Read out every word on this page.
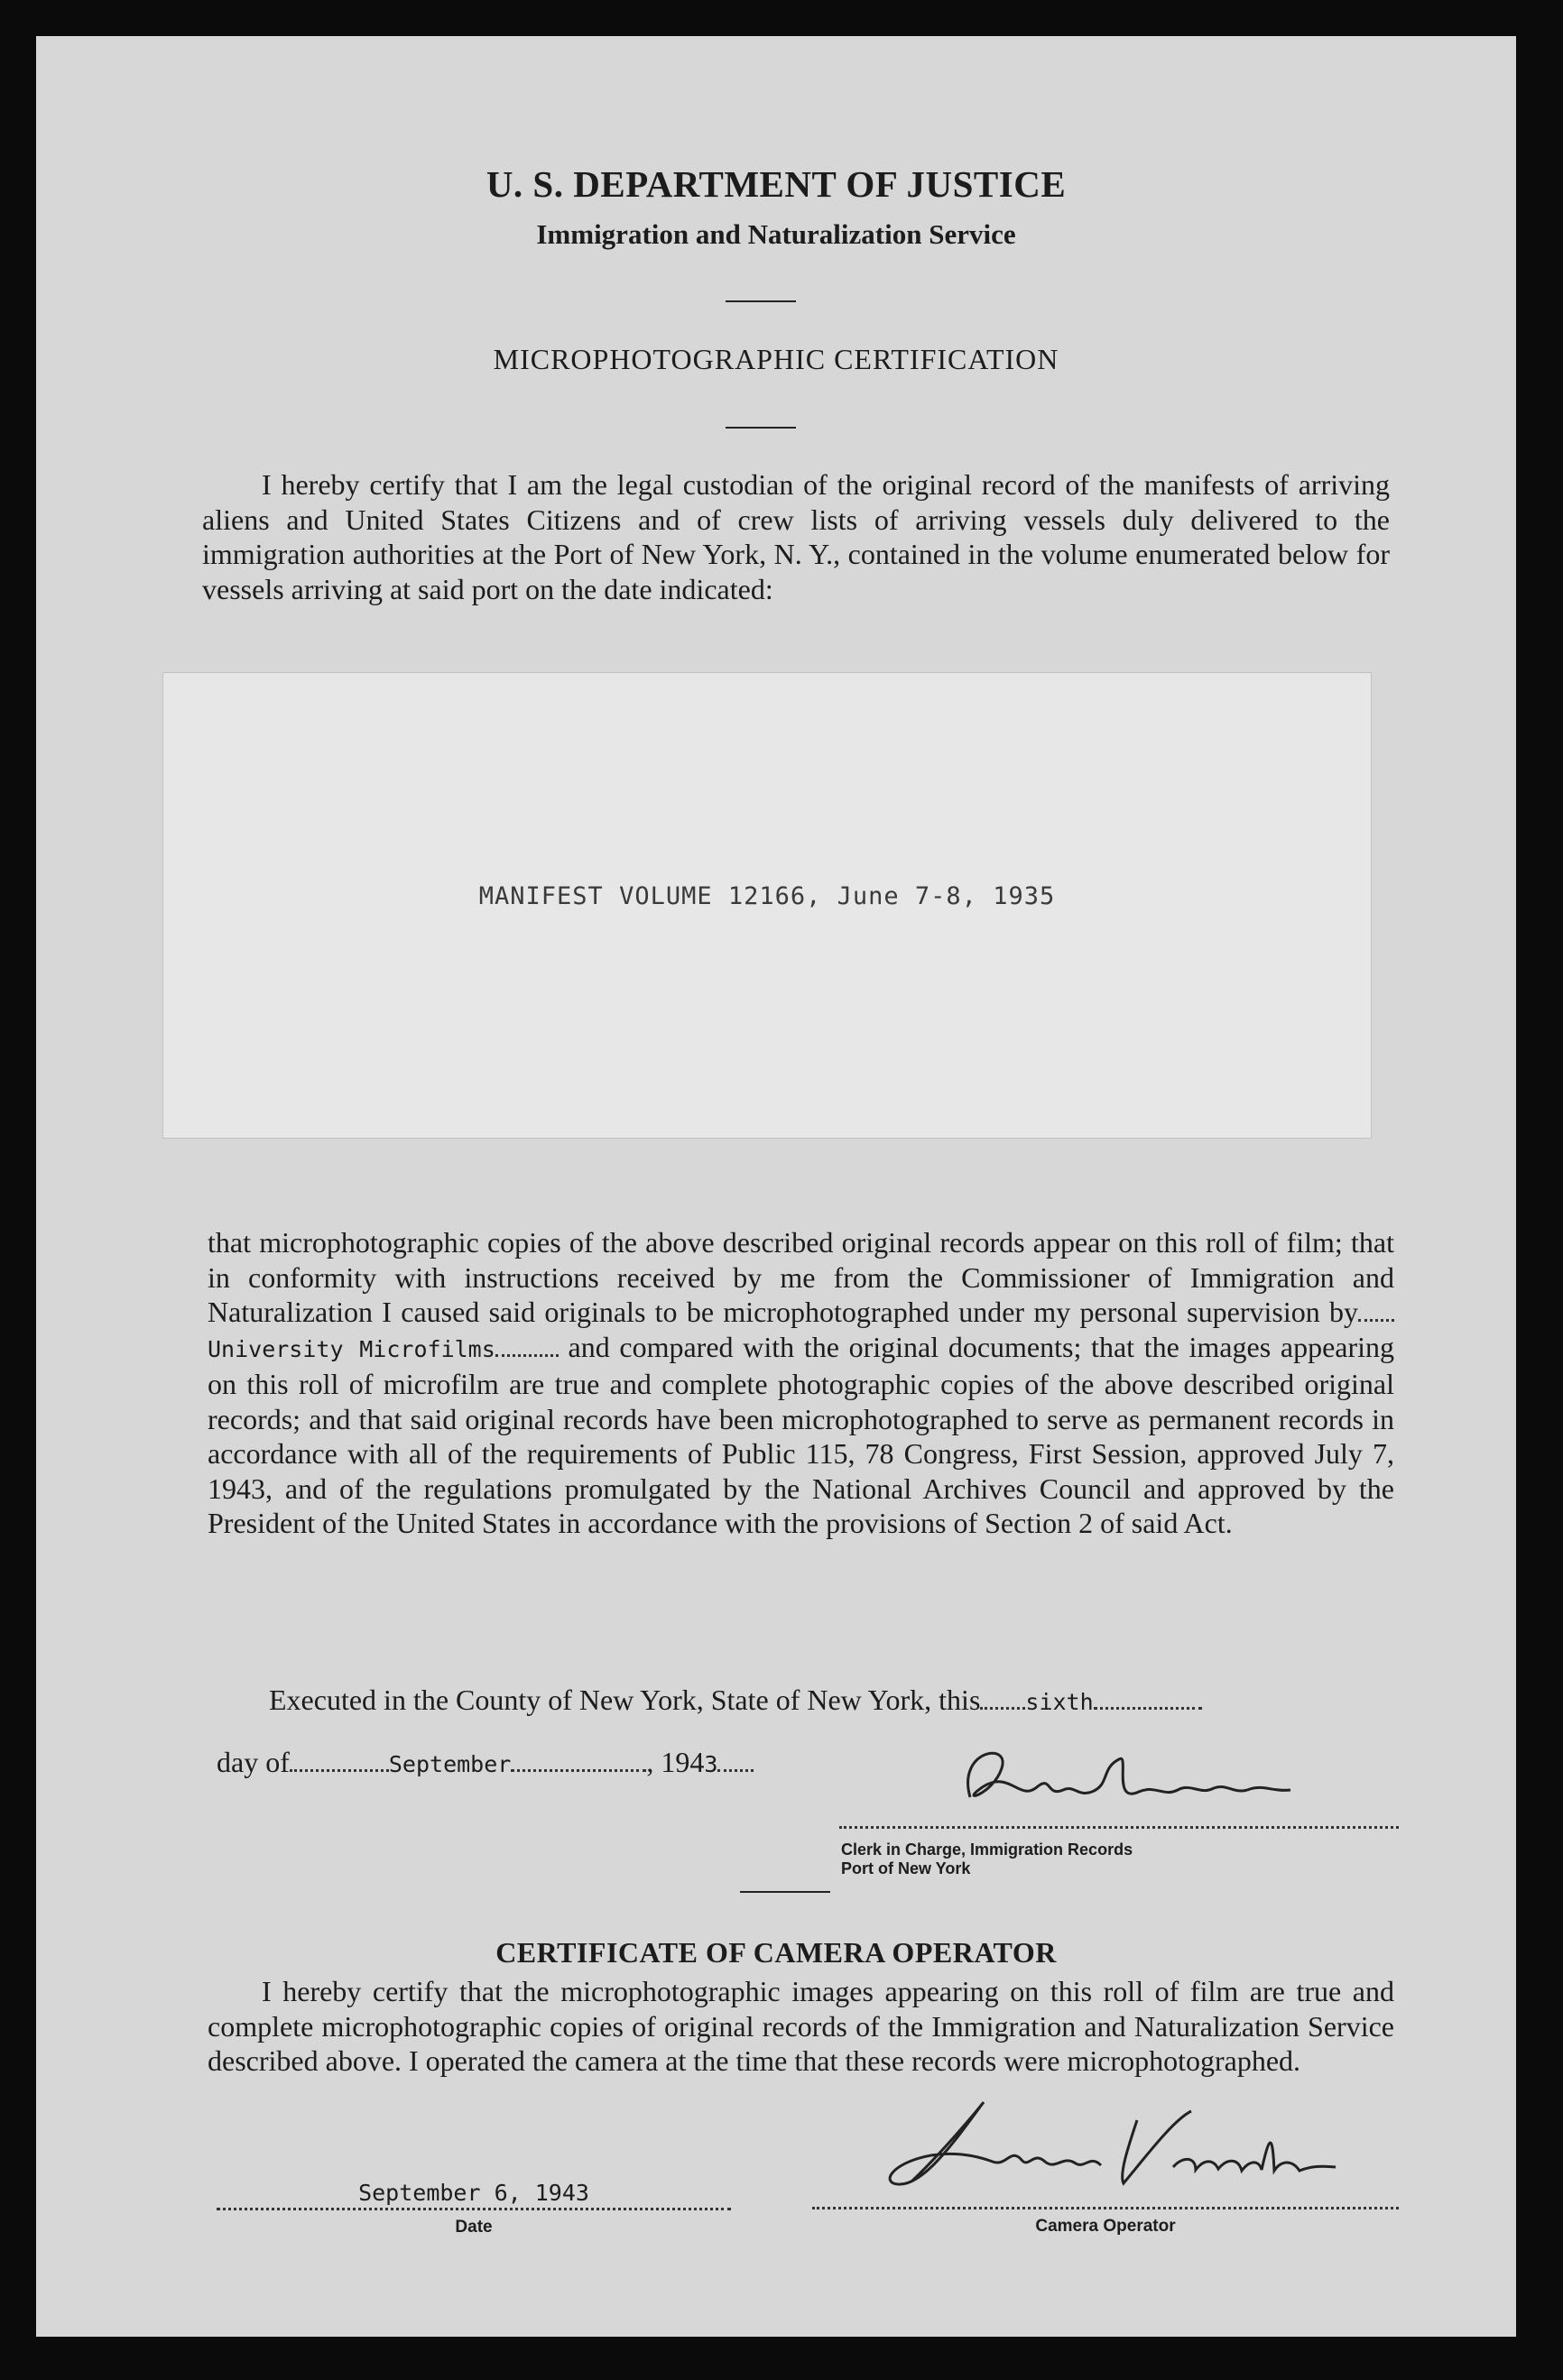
U. S. DEPARTMENT OF JUSTICE
Immigration and Naturalization Service
MICROPHOTOGRAPHIC CERTIFICATION
I hereby certify that I am the legal custodian of the original record of the manifests of arriving aliens and United States Citizens and of crew lists of arriving vessels duly delivered to the immigration authorities at the Port of New York, N. Y., contained in the volume enumerated below for vessels arriving at said port on the date indicated:
MANIFEST VOLUME 12166, June 7-8, 1935
that microphotographic copies of the above described original records appear on this roll of film; that in conformity with instructions received by me from the Commissioner of Immigration and Naturalization I caused said originals to be microphotographed under my personal supervision byUniversity Microfilms	and compared with the original documents; that the images appearing on this roll of microfilm are true and complete photographic copies of the above described original records; and that said original records have been microphotographed to serve as permanent records in accordance with all of the requirements of Public 115, 78 Congress, First Session, approved July 7, 1943, and of the regulations promulgated by the National Archives Council and approved by the President of the United States in accordance with the provisions of Section 2 of said Act.
Executed in the County of New York, State of New York, this sixth
day of	September	, 1943
Clerk in Charge, Immigration Records
Port of New York
CERTIFICATE OF CAMERA OPERATOR
I hereby certify that the microphotographic images appearing on this roll of film are true and complete microphotographic copies of original records of the Immigration and Naturalization Service described above. I operated the camera at the time that these records were microphotographed.
September 6, 1943
Date	Camera Operator
